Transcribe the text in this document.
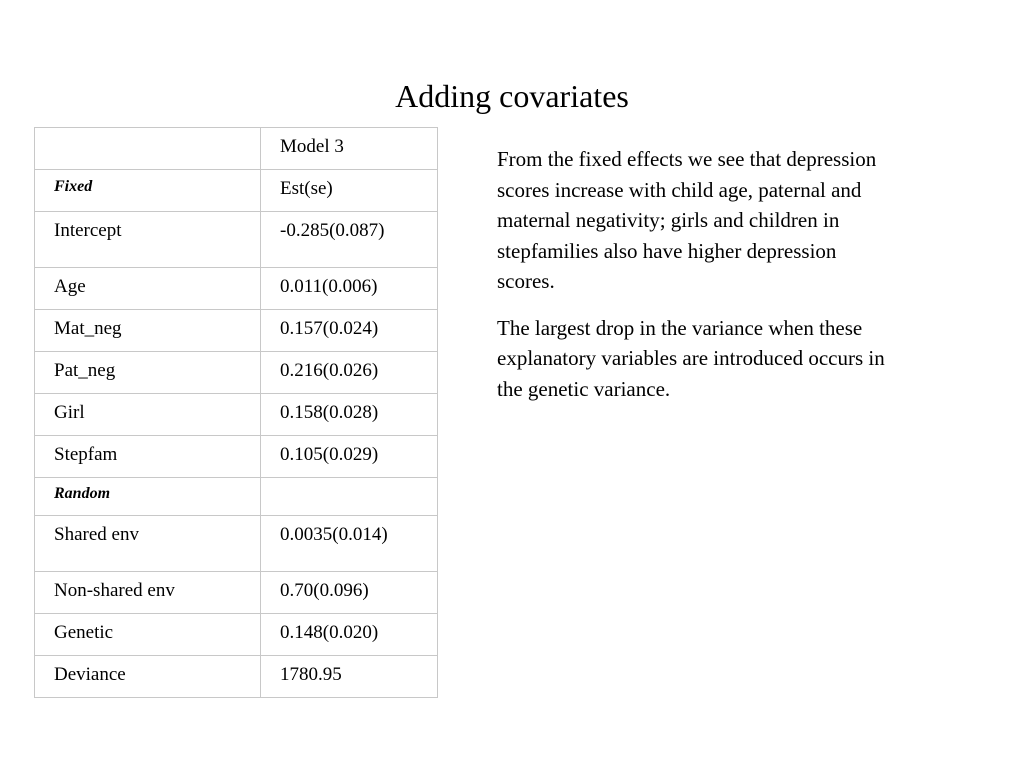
Adding covariates
	Model 3
Fixed	Est(se)
Intercept	-0.285(0.087)
Age	0.011(0.006)
Mat_neg	0.157(0.024)
Pat_neg	0.216(0.026)
Girl	0.158(0.028)
Stepfam	0.105(0.029)
Random	
Shared env	0.0035(0.014)
Non-shared env	0.70(0.096)
Genetic	0.148(0.020)
Deviance	1780.95

From the fixed effects we see that depression scores increase with child age, paternal and maternal negativity; girls and children in stepfamilies also have higher depression scores.

The largest drop in the variance when these explanatory variables are introduced occurs in the genetic variance.
